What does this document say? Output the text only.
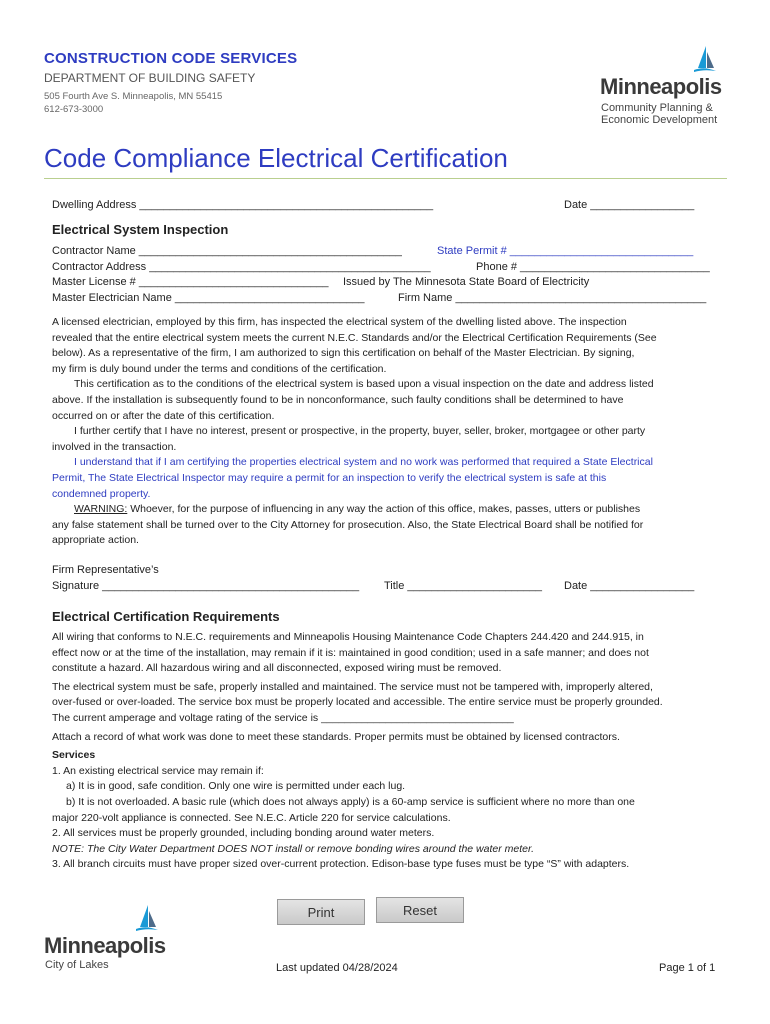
CONSTRUCTION CODE SERVICES
DEPARTMENT OF BUILDING SAFETY
505 Fourth Ave S. Minneapolis, MN 55415
612-673-3000
Minneapolis
Community Planning &
Economic Development
Code Compliance Electrical Certification
Dwelling Address ________________________________________________	Date _________________
Electrical System Inspection
Contractor Name ___________________________________________	State Permit # ______________________________
Contractor Address ______________________________________________	Phone # _______________________________
Master License # _______________________________ Issued by The Minnesota State Board of Electricity
Master Electrician Name _______________________________	Firm Name _________________________________________
A licensed electrician, employed by this firm, has inspected the electrical system of the dwelling listed above. The inspection
revealed that the entire electrical system meets the current N.E.C. Standards and/or the Electrical Certification Requirements (See
below). As a representative of the firm, I am authorized to sign this certification on behalf of the Master Electrician. By signing,
my firm is duly bound under the terms and conditions of the certification.
This certification as to the conditions of the electrical system is based upon a visual inspection on the date and address listed
above. If the installation is subsequently found to be in nonconformance, such faulty conditions shall be determined to have
occurred on or after the date of this certification.
I further certify that I have no interest, present or prospective, in the property, buyer, seller, broker, mortgagee or other party
involved in the transaction.
I understand that if I am certifying the properties electrical system and no work was performed that required a State Electrical
Permit, The State Electrical Inspector may require a permit for an inspection to verify the electrical system is safe at this
condemned property.
WARNING: Whoever, for the purpose of influencing in any way the action of this office, makes, passes, utters or publishes
any false statement shall be turned over to the City Attorney for prosecution. Also, the State Electrical Board shall be notified for
appropriate action.
Firm Representative’s
Signature __________________________________________ Title ______________________ Date _________________
Electrical Certification Requirements
All wiring that conforms to N.E.C. requirements and Minneapolis Housing Maintenance Code Chapters 244.420 and 244.915, in
effect now or at the time of the installation, may remain if it is: maintained in good condition; used in a safe manner; and does not
constitute a hazard. All hazardous wiring and all disconnected, exposed wiring must be removed.
The electrical system must be safe, properly installed and maintained. The service must not be tampered with, improperly altered,
over-fused or over-loaded. The service box must be properly located and accessible. The entire service must be properly grounded.
The current amperage and voltage rating of the service is _________________________________
Attach a record of what work was done to meet these standards. Proper permits must be obtained by licensed contractors.
Services
1. An existing electrical service may remain if:
a) It is in good, safe condition. Only one wire is permitted under each lug.
b) It is not overloaded. A basic rule (which does not always apply) is a 60-amp service is sufficient where no more than one
major 220-volt appliance is connected. See N.E.C. Article 220 for service calculations.
2. All services must be properly grounded, including bonding around water meters.
NOTE: The City Water Department DOES NOT install or remove bonding wires around the water meter.
3. All branch circuits must have proper sized over-current protection. Edison-base type fuses must be type “S” with adapters.
Print	Reset
Minneapolis
City of Lakes	Last updated 04/28/2024	Page 1 of 1
